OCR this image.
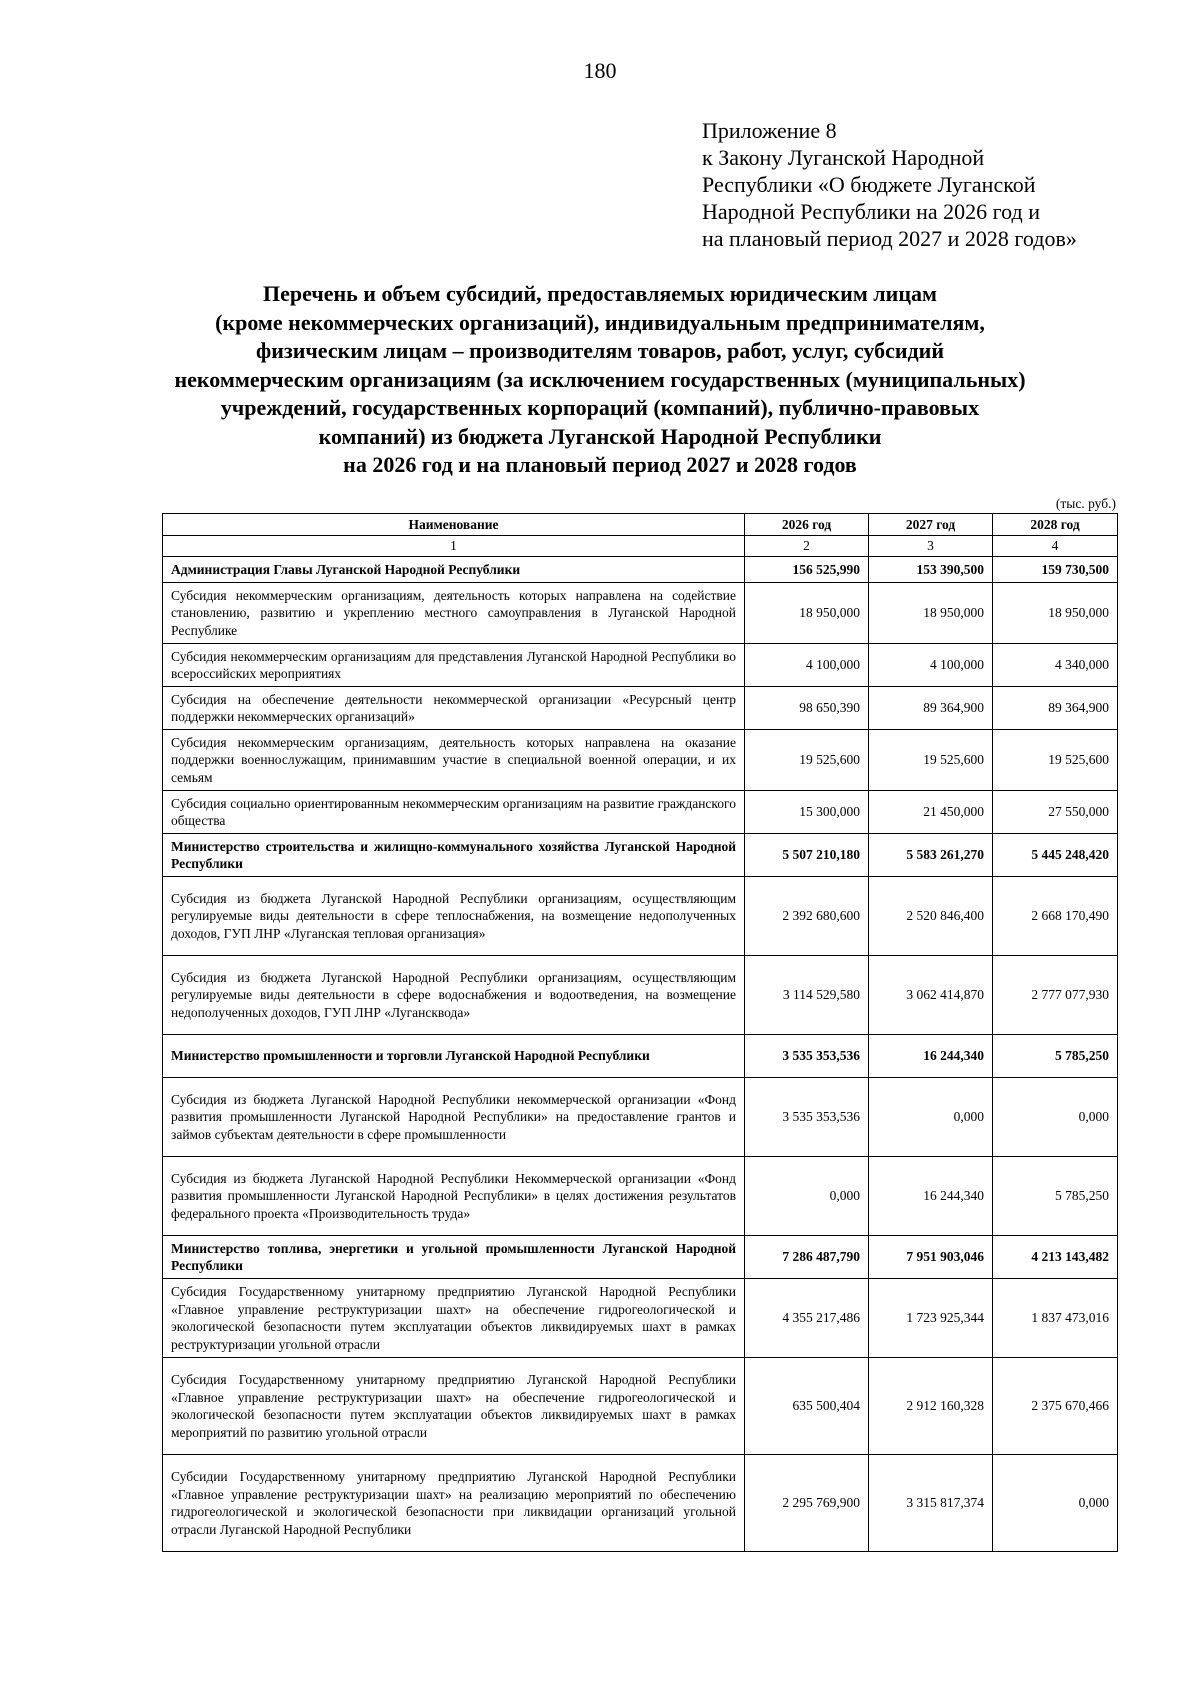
180
Приложение 8
к Закону Луганской Народной
Республики «О бюджете Луганской
Народной Республики на 2026 год и
на плановый период 2027 и 2028 годов»
Перечень и объем субсидий, предоставляемых юридическим лицам
(кроме некоммерческих организаций), индивидуальным предпринимателям,
физическим лицам – производителям товаров, работ, услуг, субсидий
некоммерческим организациям (за исключением государственных (муниципальных)
учреждений, государственных корпораций (компаний), публично-правовых
компаний) из бюджета Луганской Народной Республики
на 2026 год и на плановый период 2027 и 2028 годов
(тыс. руб.)
Наименование	2026 год	2027 год	2028 год
1	2	3	4
Администрация Главы Луганской Народной Республики	156 525,990	153 390,500	159 730,500
Субсидия некоммерческим организациям, деятельность которых направлена на содействие становлению, развитию и укреплению местного самоуправления в Луганской Народной Республике	18 950,000	18 950,000	18 950,000
Субсидия некоммерческим организациям для представления Луганской Народной Республики во всероссийских мероприятиях	4 100,000	4 100,000	4 340,000
Субсидия на обеспечение деятельности некоммерческой организации «Ресурсный центр поддержки некоммерческих организаций»	98 650,390	89 364,900	89 364,900
Субсидия некоммерческим организациям, деятельность которых направлена на оказание поддержки военнослужащим, принимавшим участие в специальной военной операции, и их семьям	19 525,600	19 525,600	19 525,600
Субсидия социально ориентированным некоммерческим организациям на развитие гражданского общества	15 300,000	21 450,000	27 550,000
Министерство строительства и жилищно-коммунального хозяйства Луганской Народной Республики	5 507 210,180	5 583 261,270	5 445 248,420
Субсидия из бюджета Луганской Народной Республики организациям, осуществляющим регулируемые виды деятельности в сфере теплоснабжения, на возмещение недополученных доходов, ГУП ЛНР «Луганская тепловая организация»	2 392 680,600	2 520 846,400	2 668 170,490
Субсидия из бюджета Луганской Народной Республики организациям, осуществляющим регулируемые виды деятельности в сфере водоснабжения и водоотведения, на возмещение недополученных доходов, ГУП ЛНР «Лугансквода»	3 114 529,580	3 062 414,870	2 777 077,930
Министерство промышленности и торговли Луганской Народной Республики	3 535 353,536	16 244,340	5 785,250
Субсидия из бюджета Луганской Народной Республики некоммерческой организации «Фонд развития промышленности Луганской Народной Республики» на предоставление грантов и займов субъектам деятельности в сфере промышленности	3 535 353,536	0,000	0,000
Субсидия из бюджета Луганской Народной Республики Некоммерческой организации «Фонд развития промышленности Луганской Народной Республики» в целях достижения результатов федерального проекта «Производительность труда»	0,000	16 244,340	5 785,250
Министерство топлива, энергетики и угольной промышленности Луганской Народной Республики	7 286 487,790	7 951 903,046	4 213 143,482
Субсидия Государственному унитарному предприятию Луганской Народной Республики «Главное управление реструктуризации шахт» на обеспечение гидрогеологической и экологической безопасности путем эксплуатации объектов ликвидируемых шахт в рамках реструктуризации угольной отрасли	4 355 217,486	1 723 925,344	1 837 473,016
Субсидия Государственному унитарному предприятию Луганской Народной Республики «Главное управление реструктуризации шахт» на обеспечение гидрогеологической и экологической безопасности путем эксплуатации объектов ликвидируемых шахт в рамках мероприятий по развитию угольной отрасли	635 500,404	2 912 160,328	2 375 670,466
Субсидии Государственному унитарному предприятию Луганской Народной Республики «Главное управление реструктуризации шахт» на реализацию мероприятий по обеспечению гидрогеологической и экологической безопасности при ликвидации организаций угольной отрасли Луганской Народной Республики	2 295 769,900	3 315 817,374	0,000
